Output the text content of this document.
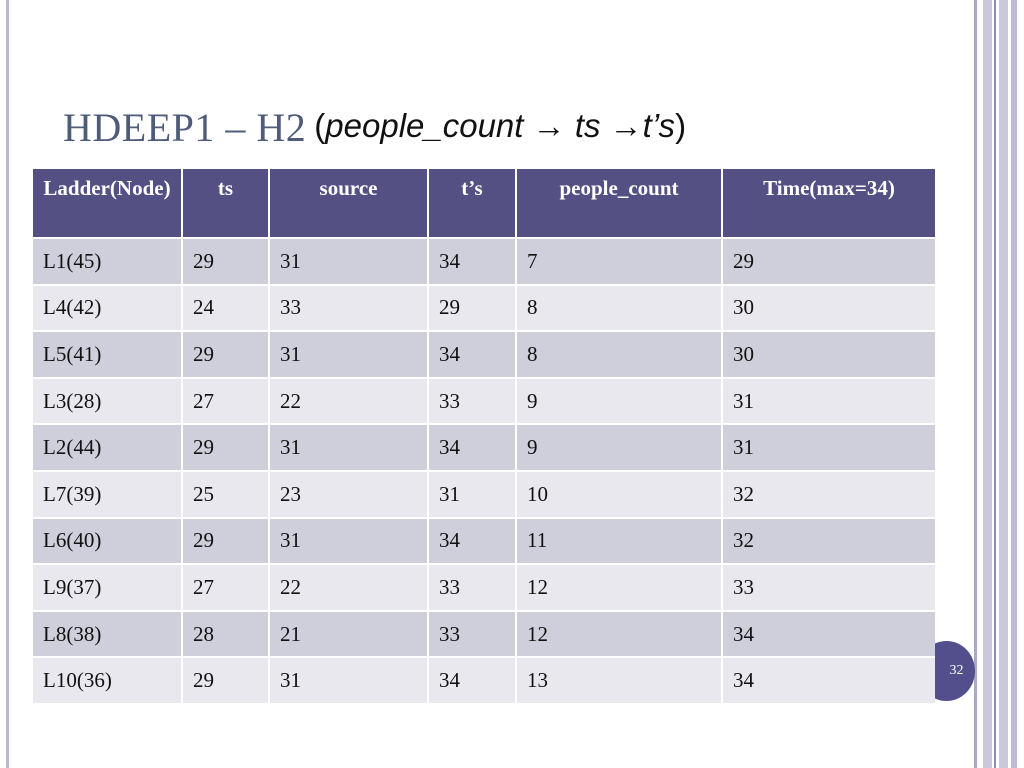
HDEEP1 – H2 (people_count → ts →t’s)
32
Ladder(Node)	ts	source	t’s	people_count	Time(max=34)
L1(45)	29	31	34	7	29
L4(42)	24	33	29	8	30
L5(41)	29	31	34	8	30
L3(28)	27	22	33	9	31
L2(44)	29	31	34	9	31
L7(39)	25	23	31	10	32
L6(40)	29	31	34	11	32
L9(37)	27	22	33	12	33
L8(38)	28	21	33	12	34
L10(36)	29	31	34	13	34
